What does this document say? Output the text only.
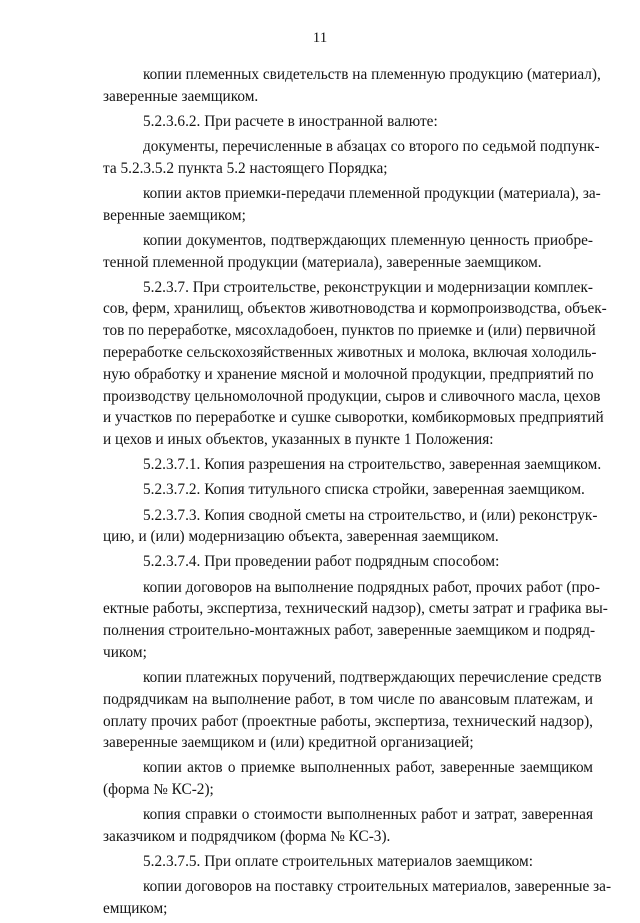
11
копии племенных свидетельств на племенную продукцию (материал),
заверенные заемщиком.
5.2.3.6.2. При расчете в иностранной валюте:
документы, перечисленные в абзацах со второго по седьмой подпунк-
та 5.2.3.5.2 пункта 5.2 настоящего Порядка;
копии актов приемки-передачи племенной продукции (материала), за-
веренные заемщиком;
копии документов, подтверждающих племенную ценность приобре-
тенной племенной продукции (материала), заверенные заемщиком.
5.2.3.7. При строительстве, реконструкции и модернизации комплек-
сов, ферм, хранилищ, объектов животноводства и кормопроизводства, объек-
тов по переработке, мясохладобоен, пунктов по приемке и (или) первичной
переработке сельскохозяйственных животных и молока, включая холодиль-
ную обработку и хранение мясной и молочной продукции, предприятий по
производству цельномолочной продукции, сыров и сливочного масла, цехов
и участков по переработке и сушке сыворотки, комбикормовых предприятий
и цехов и иных объектов, указанных в пункте 1 Положения:
5.2.3.7.1. Копия разрешения на строительство, заверенная заемщиком.
5.2.3.7.2. Копия титульного списка стройки, заверенная заемщиком.
5.2.3.7.3. Копия сводной сметы на строительство, и (или) реконструк-
цию, и (или) модернизацию объекта, заверенная заемщиком.
5.2.3.7.4. При проведении работ подрядным способом:
копии договоров на выполнение подрядных работ, прочих работ (про-
ектные работы, экспертиза, технический надзор), сметы затрат и графика вы-
полнения строительно-монтажных работ, заверенные заемщиком и подряд-
чиком;
копии платежных поручений, подтверждающих перечисление средств
подрядчикам на выполнение работ, в том числе по авансовым платежам, и
оплату прочих работ (проектные работы, экспертиза, технический надзор),
заверенные заемщиком и (или) кредитной организацией;
копии актов о приемке выполненных работ, заверенные заемщиком
(форма № КС-2);
копия справки о стоимости выполненных работ и затрат, заверенная
заказчиком и подрядчиком (форма № КС-3).
5.2.3.7.5. При оплате строительных материалов заемщиком:
копии договоров на поставку строительных материалов, заверенные за-
емщиком;
